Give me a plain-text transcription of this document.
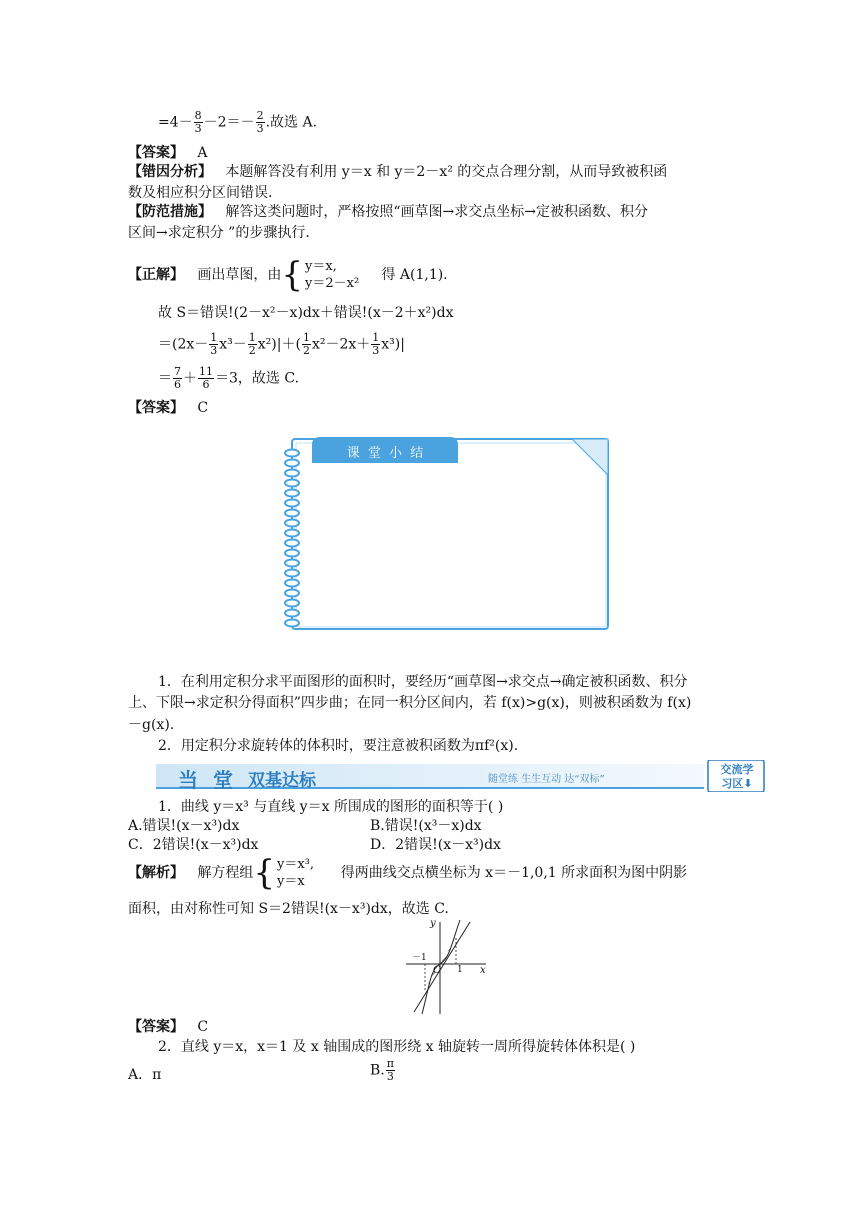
$=4- \frac{8}{3} -2=- \frac{2}{3}$ .故选 A.
【答案】 A
【错因分析】 本题解答没有利用 y＝x 和 y＝2－x² 的交点合理分割，从而导致被积函
数及相应积分区间错误.
【防范措施】 解答这类问题时，严格按照“画草图→求交点坐标→定被积函数、积分
区间→求定积分 ”的步骤执行.
【正解】 画出草图，由{ y＝x,
y＝2－x²     得 A(1,1).
故 S＝错误!(2－x²－x)dx＋错误!(x－2＋x²)dx
$=(2x- \frac{1}{3} x^3- \frac{1}{2} x^2)|+( \frac{1}{2} x^2-2x+ \frac{1}{3} x^3)|$
＝ $\frac{7}{6} + \frac{11}{6} =3$，故选 C.
【答案】 C
课 堂 小 结
1．在利用定积分求平面图形的面积时，要经历“画草图→求交点→确定被积函数、积分
上、下限→求定积分得面积”四步曲；在同一积分区间内，若 f(x)>g(x)，则被积函数为 f(x)
－g(x).
2．用定积分求旋转体的体积时，要注意被积函数为πf²(x).
当 堂 双基达标	随堂练 生生互动 达“双标”
交流学
习区⬇
1．曲线 y＝x³ 与直线 y＝x 所围成的图形的面积等于( )
A.错误!(x－x³)dx	B.错误!(x³－x)dx
C．2错误!(x－x³)dx	D．2错误!(x－x³)dx
【解析】 解方程组{ y＝x³,
y＝x      得两曲线交点横坐标为 x＝－1,0,1 所求面积为图中阴影
面积，由对称性可知 S＝2错误!(x－x³)dx，故选 C.
y
x
O
－1
1
【答案】 C
2．直线 y＝x，x＝1 及 x 轴围成的图形绕 x 轴旋转一周所得旋转体体积是( )
A．π	B. $\frac{\pi}{3}$
